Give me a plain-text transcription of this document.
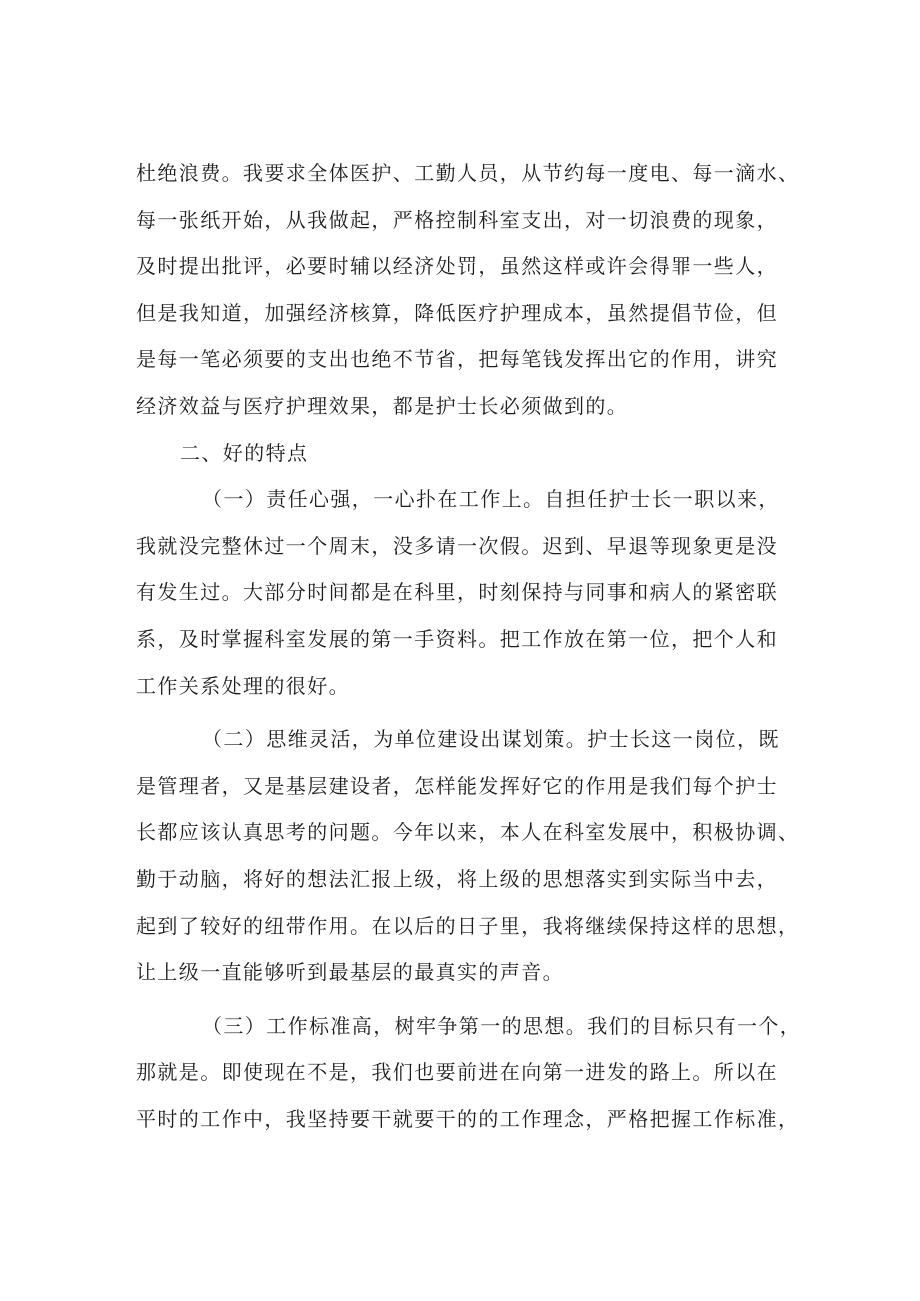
杜绝浪费。我要求全体医护、工勤人员，从节约每一度电、每一滴水、
每一张纸开始，从我做起，严格控制科室支出，对一切浪费的现象，
及时提出批评，必要时辅以经济处罚，虽然这样或许会得罪一些人，
但是我知道，加强经济核算，降低医疗护理成本，虽然提倡节俭，但
是每一笔必须要的支出也绝不节省，把每笔钱发挥出它的作用，讲究
经济效益与医疗护理效果，都是护士长必须做到的。
二、好的特点
（一）责任心强，一心扑在工作上。自担任护士长一职以来，
我就没完整休过一个周末，没多请一次假。迟到、早退等现象更是没
有发生过。大部分时间都是在科里，时刻保持与同事和病人的紧密联
系，及时掌握科室发展的第一手资料。把工作放在第一位，把个人和
工作关系处理的很好。
（二）思维灵活，为单位建设出谋划策。护士长这一岗位，既
是管理者，又是基层建设者，怎样能发挥好它的作用是我们每个护士
长都应该认真思考的问题。今年以来，本人在科室发展中，积极协调、
勤于动脑，将好的想法汇报上级，将上级的思想落实到实际当中去，
起到了较好的纽带作用。在以后的日子里，我将继续保持这样的思想，
让上级一直能够听到最基层的最真实的声音。
（三）工作标准高，树牢争第一的思想。我们的目标只有一个，
那就是。即使现在不是，我们也要前进在向第一进发的路上。所以在
平时的工作中，我坚持要干就要干的的工作理念，严格把握工作标准，
